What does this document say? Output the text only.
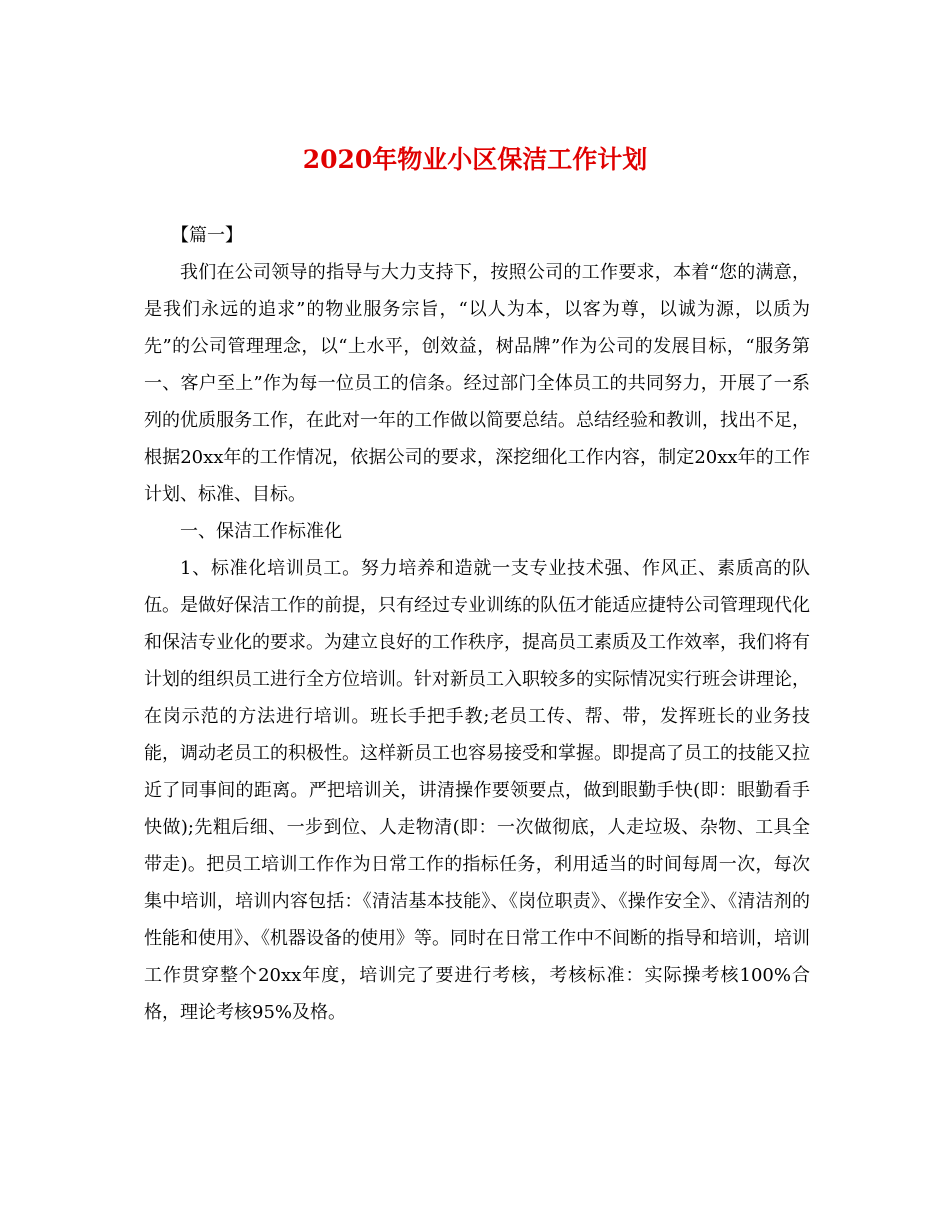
2020年物业小区保洁工作计划

【篇一】

我们在公司领导的指导与大力支持下，按照公司的工作要求，本着“您的满意，是我们永远的追求”的物业服务宗旨，“以人为本，以客为尊，以诚为源，以质为先”的公司管理理念，以“上水平，创效益，树品牌”作为公司的发展目标，“服务第一、客户至上”作为每一位员工的信条。经过部门全体员工的共同努力，开展了一系列的优质服务工作，在此对一年的工作做以简要总结。总结经验和教训，找出不足，根据20xx年的工作情况，依据公司的要求，深挖细化工作内容，制定20xx年的工作计划、标准、目标。

一、保洁工作标准化

1、标准化培训员工。努力培养和造就一支专业技术强、作风正、素质高的队伍。是做好保洁工作的前提，只有经过专业训练的队伍才能适应捷特公司管理现代化和保洁专业化的要求。为建立良好的工作秩序，提高员工素质及工作效率，我们将有计划的组织员工进行全方位培训。针对新员工入职较多的实际情况实行班会讲理论，在岗示范的方法进行培训。班长手把手教;老员工传、帮、带，发挥班长的业务技能，调动老员工的积极性。这样新员工也容易接受和掌握。即提高了员工的技能又拉近了同事间的距离。严把培训关，讲清操作要领要点，做到眼勤手快(即：眼勤看手快做);先粗后细、一步到位、人走物清(即：一次做彻底，人走垃圾、杂物、工具全带走)。把员工培训工作作为日常工作的指标任务，利用适当的时间每周一次，每次集中培训，培训内容包括：《清洁基本技能》、《岗位职责》、《操作安全》、《清洁剂的性能和使用》、《机器设备的使用》等。同时在日常工作中不间断的指导和培训，培训工作贯穿整个20xx年度，培训完了要进行考核，考核标准：实际操考核100%合格，理论考核95%及格。
